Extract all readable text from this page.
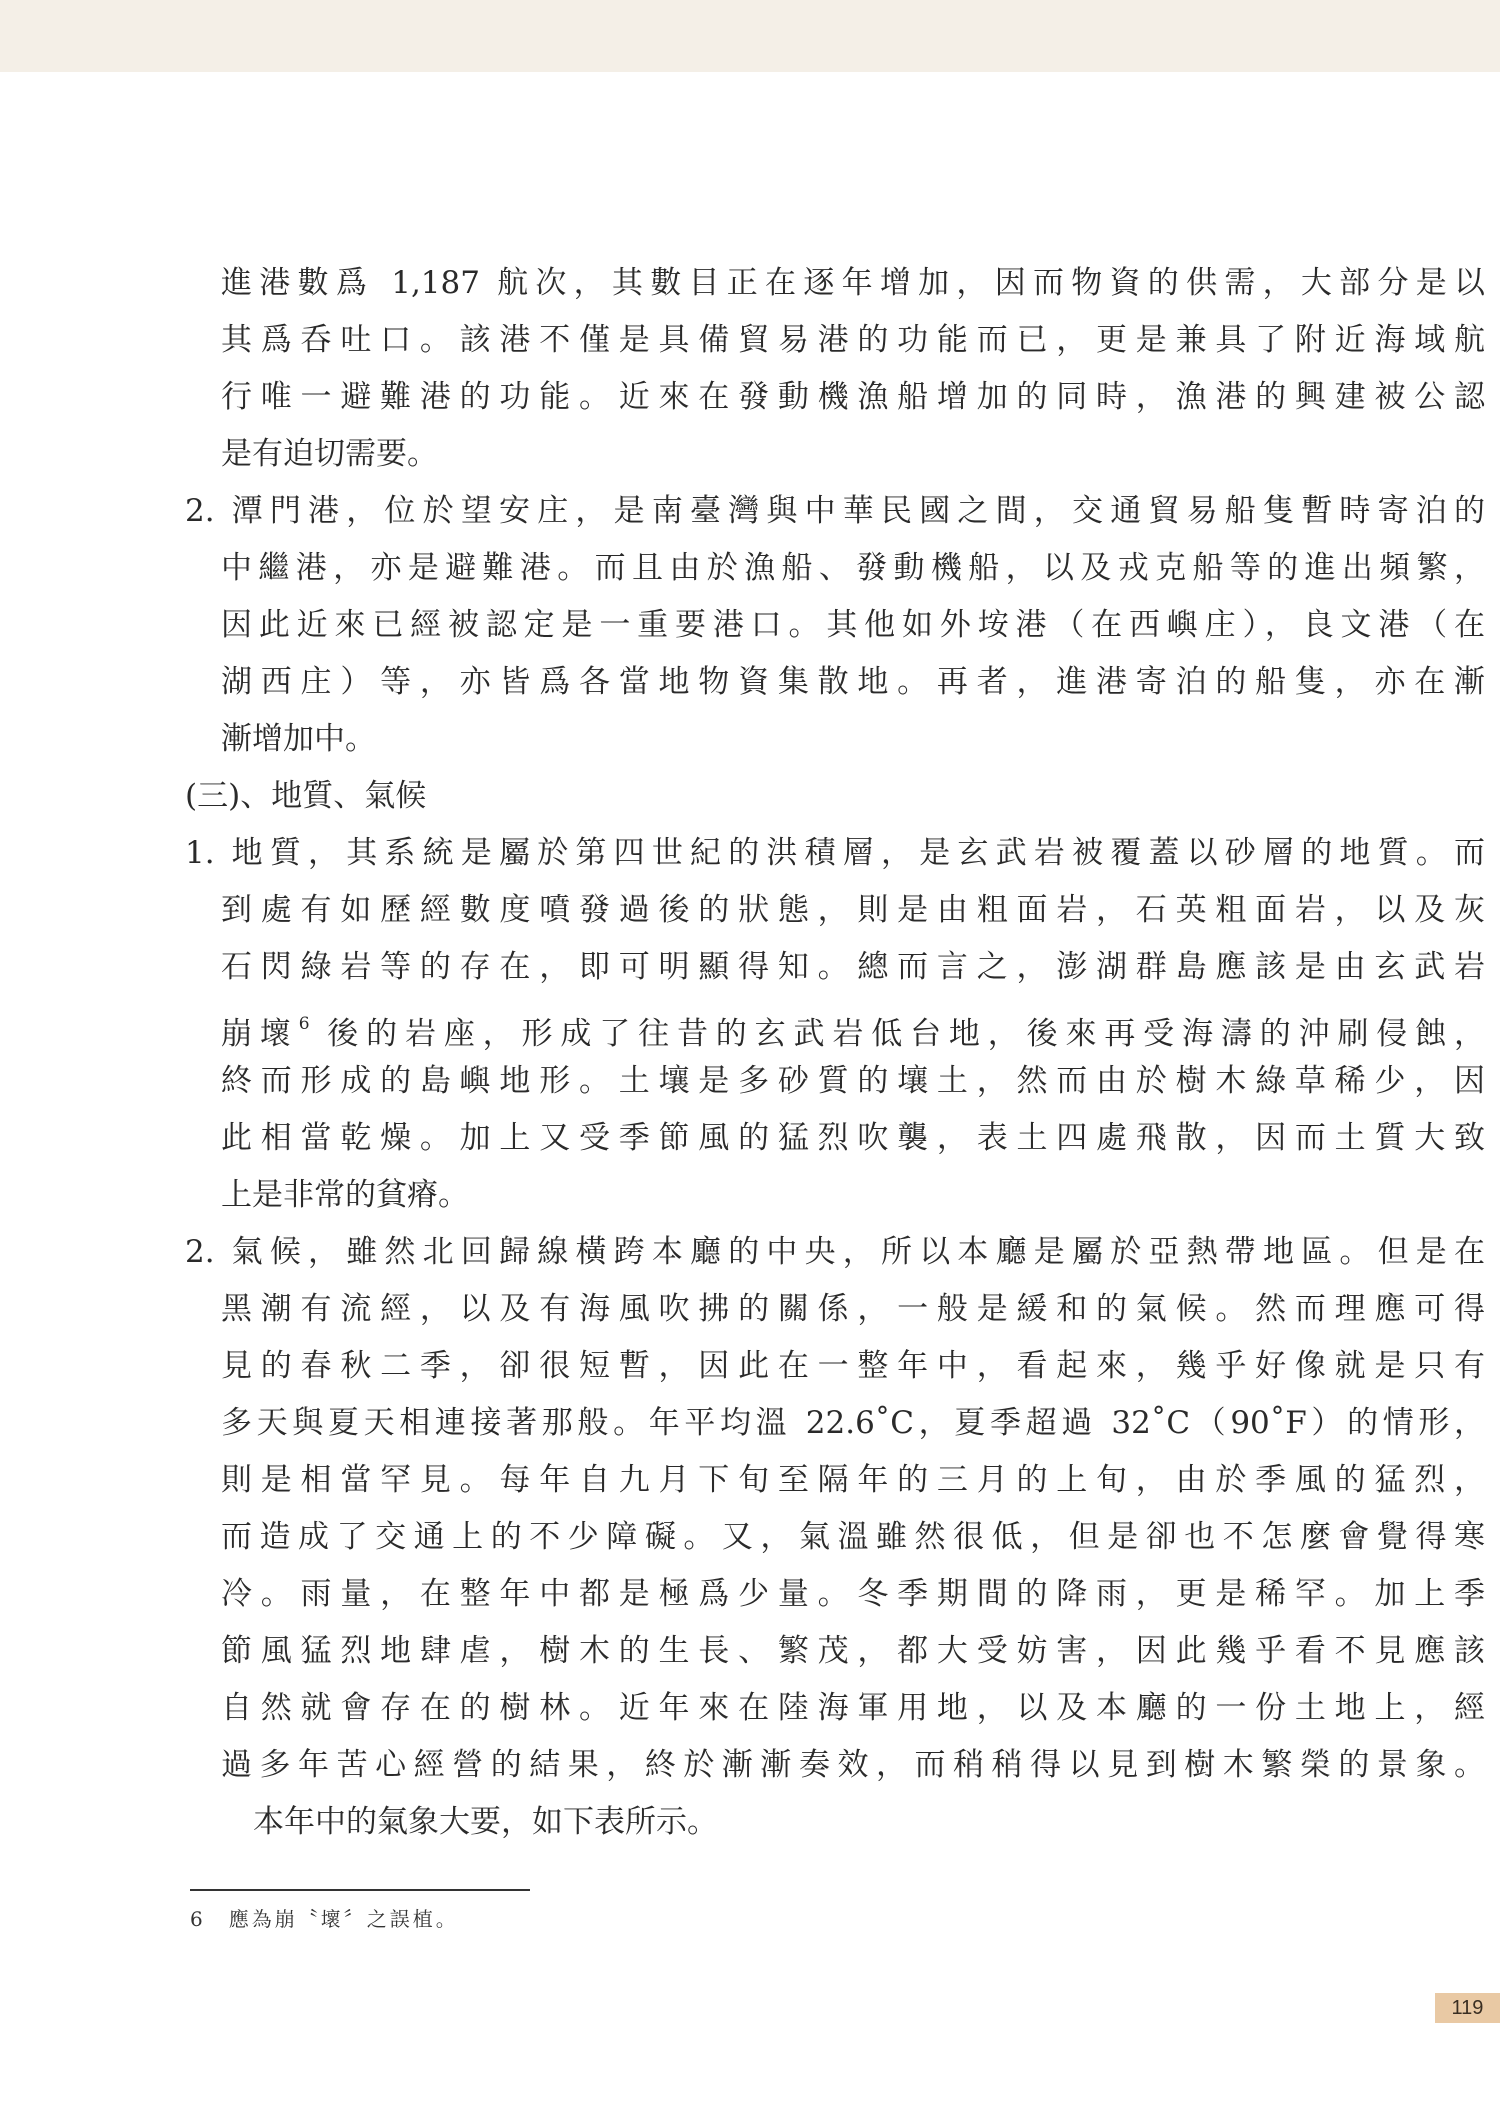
進港數爲 1,187 航次，其數目正在逐年增加，因而物資的供需，大部分是以
其爲呑吐口。該港不僅是具備貿易港的功能而已，更是兼具了附近海域航
行唯一避難港的功能。近來在發動機漁船增加的同時，漁港的興建被公認
是有迫切需要。
2. 潭門港，位於望安庄，是南臺灣與中華民國之間，交通貿易船隻暫時寄泊的
中繼港，亦是避難港。而且由於漁船、發動機船，以及戎克船等的進出頻繁，
因此近來已經被認定是一重要港口。其他如外垵港（在西嶼庄），良文港（在
湖西庄）等，亦皆爲各當地物資集散地。再者，進港寄泊的船隻，亦在漸
漸增加中。
(三)、地質、氣候
1. 地質，其系統是屬於第四世紀的洪積層，是玄武岩被覆蓋以砂層的地質。而
到處有如歷經數度噴發過後的狀態，則是由粗面岩，石英粗面岩，以及灰
石閃綠岩等的存在，即可明顯得知。總而言之，澎湖群島應該是由玄武岩
崩壞$^6$ 後的岩座，形成了往昔的玄武岩低台地，後來再受海濤的沖刷侵蝕，
終而形成的島嶼地形。土壤是多砂質的壤土，然而由於樹木綠草稀少，因
此相當乾燥。加上又受季節風的猛烈吹襲，表土四處飛散，因而土質大致
上是非常的貧瘠。
2. 氣候，雖然北回歸線橫跨本廳的中央，所以本廳是屬於亞熱帶地區。但是在
黑潮有流經，以及有海風吹拂的關係，一般是緩和的氣候。然而理應可得
見的春秋二季，卻很短暫，因此在一整年中，看起來，幾乎好像就是只有
多天與夏天相連接著那般。年平均溫 22.6˚C，夏季超過 32˚C（90˚F）的情形，
則是相當罕見。每年自九月下旬至隔年的三月的上旬，由於季風的猛烈，
而造成了交通上的不少障礙。又，氣溫雖然很低，但是卻也不怎麼會覺得寒
冷。雨量，在整年中都是極爲少量。冬季期間的降雨，更是稀罕。加上季
節風猛烈地肆虐，樹木的生長、繁茂，都大受妨害，因此幾乎看不見應該
自然就會存在的樹林。近年來在陸海軍用地，以及本廳的一份土地上，經
過多年苦心經營的結果，終於漸漸奏效，而稍稍得以見到樹木繁榮的景象。
本年中的氣象大要，如下表所示。
6　應為崩〝壞〞之誤植。
119
